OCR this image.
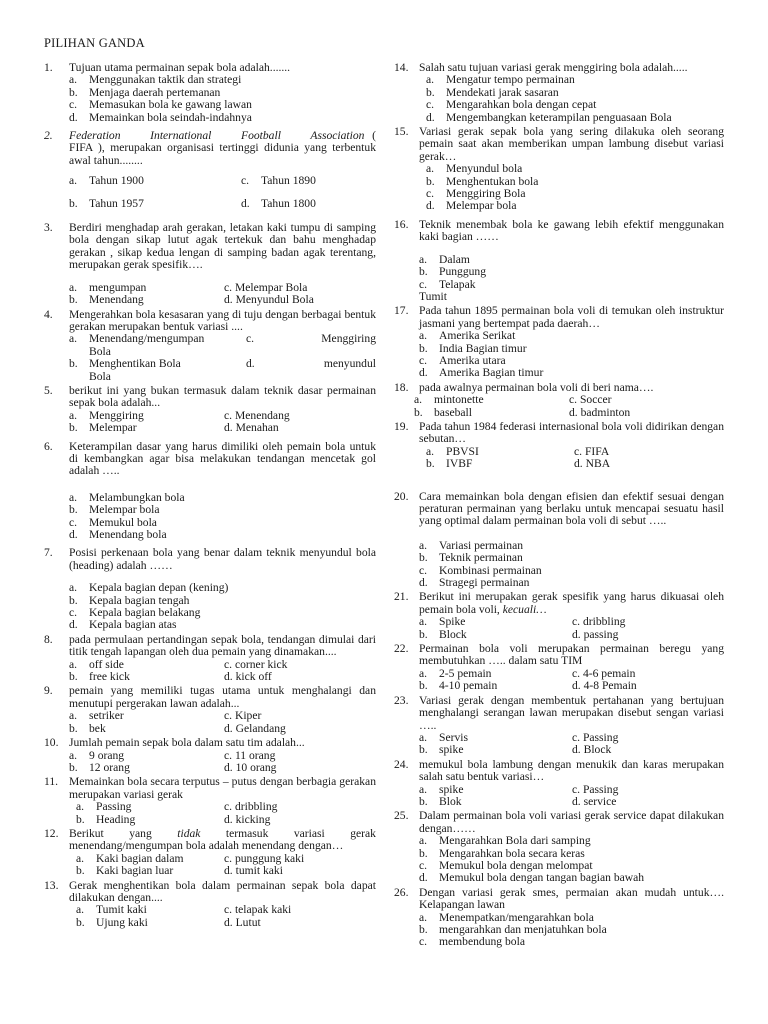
PILIHAN GANDA
1.	Tujuan utama permainan sepak bola adalah.......
a.	Menggunakan taktik dan strategi
b. Menjaga daerah pertemanan
c.	Memasukan bola ke gawang lawan
d. Memainkan bola seindah-indahnya
2.	Federation International Football Association ( FIFA ), merupakan organisasi tertinggi didunia yang terbentuk awal tahun........
a.	Tahun 1900	c.	Tahun 1890
b. Tahun 1957	d. Tahun 1800
3.	Berdiri menghadap arah gerakan, letakan kaki tumpu di samping bola dengan sikap lutut agak tertekuk dan bahu menghadap gerakan , sikap kedua lengan di samping badan agak terentang, merupakan gerak spesifik….
a.	mengumpan	c. Melempar Bola
b. Menendang	d. Menyundul Bola
4.	Mengerahkan bola kesasaran yang di tuju dengan berbagai bentuk gerakan merupakan bentuk variasi ....
a. Menendang/mengumpan	c.	Menggiring
Bola
b. Menghentikan Bola	d.	menyundul
Bola
5.	berikut ini yang bukan termasuk dalam teknik dasar permainan sepak bola adalah...
a.	Menggiring	c. Menendang
b. Melempar	d. Menahan
6.	Keterampilan dasar yang harus dimiliki oleh pemain bola untuk di kembangkan agar bisa melakukan tendangan mencetak gol adalah …..
a.	Melambungkan bola
b. Melempar bola
c.	Memukul bola
d. Menendang bola
7.	Posisi perkenaan bola yang benar dalam teknik menyundul bola (heading) adalah ……
a.	Kepala bagian depan (kening)
b. Kepala bagian tengah
c.	Kepala bagian belakang
d. Kepala bagian atas
8.	pada permulaan pertandingan sepak bola, tendangan dimulai dari titik tengah lapangan oleh dua pemain yang dinamakan....
a.	off side	c. corner kick
b. free kick	d. kick off
9.	pemain yang memiliki tugas utama untuk menghalangi dan menutupi pergerakan lawan adalah...
a.	setriker	c. Kiper
b. bek	d. Gelandang
10. Jumlah pemain sepak bola dalam satu tim adalah...
a.	9 orang	c. 11 orang
b. 12 orang	d. 10 orang
11. Memainkan bola secara terputus – putus dengan berbagia gerakan merupakan variasi gerak
a.	Passing	c. dribbling
b. Heading	d. kicking
12. Berikut yang tidak termasuk variasi gerak menendang/mengumpan bola adalah menendang dengan…
a.	Kaki bagian dalam	c. punggung kaki
b. Kaki bagian luar	d. tumit kaki
13. Gerak menghentikan bola dalam permainan sepak bola dapat dilakukan dengan....
a.	Tumit kaki	c. telapak kaki
b. Ujung kaki	d. Lutut
14. Salah satu tujuan variasi gerak menggiring bola adalah.....
a.	Mengatur tempo permainan
b. Mendekati jarak sasaran
c.	Mengarahkan bola dengan cepat
d. Mengembangkan keterampilan penguasaan Bola
15. Variasi gerak sepak bola yang sering dilakuka oleh seorang pemain saat akan memberikan umpan lambung disebut variasi gerak…
a.	Menyundul bola
b. Menghentukan bola
c.	Menggiring Bola
d. Melempar bola
16. Teknik menembak bola ke gawang lebih efektif menggunakan kaki bagian ……
a.	Dalam
b. Punggung
c.	Telapak
Tumit
17. Pada tahun 1895 permainan bola voli di temukan oleh instruktur jasmani yang bertempat pada daerah…
a.	Amerika Serikat
b. India Bagian timur
c.	Amerika utara
d. Amerika Bagian timur
18. pada awalnya permainan bola voli di beri nama….
a.	mintonette	c. Soccer
b. baseball	d. badminton
19. Pada tahun 1984 federasi internasional bola voli didirikan dengan sebutan…
a.	PBVSI	c. FIFA
b. IVBF	d. NBA
20. Cara memainkan bola dengan efisien dan efektif sesuai dengan peraturan permainan yang berlaku untuk mencapai sesuatu hasil yang optimal dalam permainan bola voli di sebut …..
a.	Variasi permainan
b. Teknik permainan
c.	Kombinasi permainan
d. Stragegi permainan
21. Berikut ini merupakan gerak spesifik yang harus dikuasai oleh pemain bola voli, kecuali…
a.	Spike	c. dribbling
b. Block	d. passing
22. Permainan bola voli merupakan permainan beregu yang membutuhkan ….. dalam satu TIM
a.	2-5 pemain	c. 4-6 pemain
b. 4-10 pemain	d. 4-8 Pemain
23. Variasi gerak dengan membentuk pertahanan yang bertujuan menghalangi serangan lawan merupakan disebut sengan variasi …..
a.	Servis	c. Passing
b. spike	d. Block
24. memukul bola lambung dengan menukik dan karas merupakan salah satu bentuk variasi…
a.	spike	c. Passing
b. Blok	d. service
25. Dalam permainan bola voli variasi gerak service dapat dilakukan dengan……
a.	Mengarahkan Bola dari samping
b. Mengarahkan bola secara keras
c.	Memukul bola dengan melompat
d. Memukul bola dengan tangan bagian bawah
26. Dengan variasi gerak smes, permaian akan mudah untuk…. Kelapangan lawan
a.	Menempatkan/mengarahkan bola
b. mengarahkan dan menjatuhkan bola
c.	membendung bola
